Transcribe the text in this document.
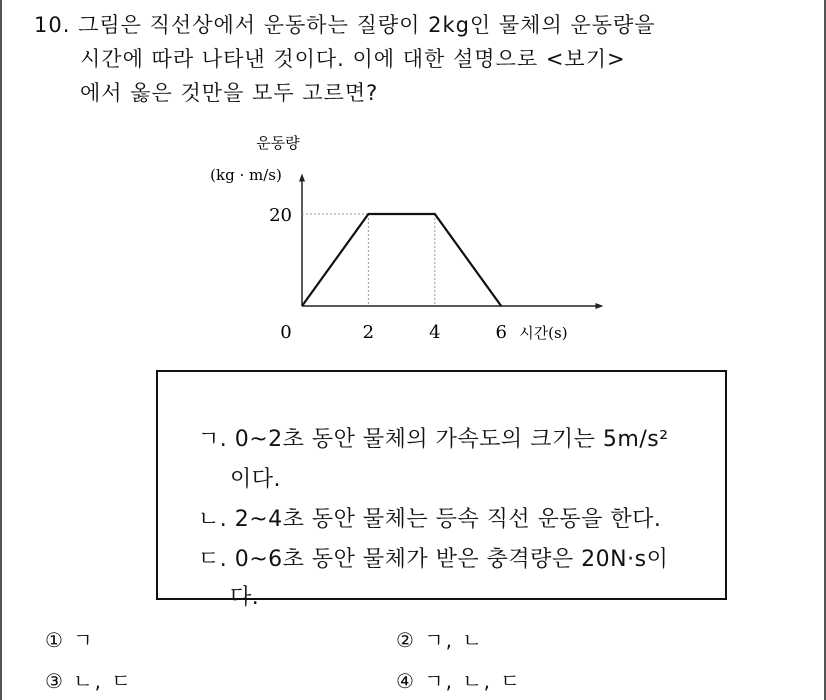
10. 그림은 직선상에서 운동하는 질량이 2kg인 물체의 운동량을
시간에 따라 나타낸 것이다. 이에 대한 설명으로 <보기>
에서 옳은 것만을 모두 고르면?
운동량
(kg · m/s)
0	2	4	6
20
시간(s)
ㄱ. 0~2초 동안 물체의 가속도의 크기는 5m/s²
이다.
ㄴ. 2~4초 동안 물체는 등속 직선 운동을 한다.
ㄷ. 0~6초 동안 물체가 받은 충격량은 20N·s이
다.
① ㄱ	② ㄱ, ㄴ
③ ㄴ, ㄷ	④ ㄱ, ㄴ, ㄷ
